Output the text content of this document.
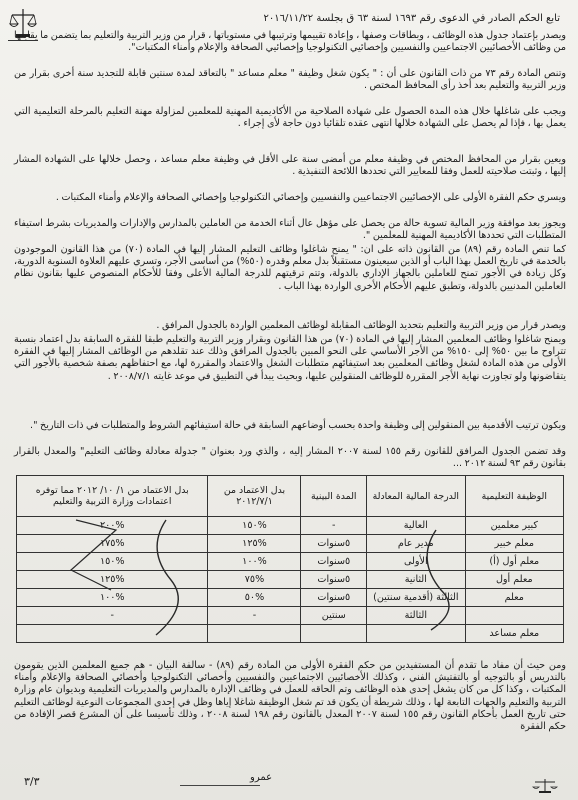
تابع الحكم الصادر في الدعوى رقم ١٦٩٣ لسنة ٦٣ ق بجلسة ٢٠١٦/١١/٢٢
ويصدر بإعتماد جدول هذه الوظائف ، وبطاقات وصفها ، وإعادة تقييمها وترتيبها في مستوياتها ، قرار من وزير التربية والتعليم بما يتضمن ما يقابلها من وظائف الأخصائيين الاجتماعيين والنفسيين وإخصائيي التكنولوجيا وإخصائيي الصحافة والإعلام وأمناء المكتبات".
وتنص المادة رقم ٧٣ من ذات القانون على أن : " يكون شغل وظيفة " معلم مساعد " بالتعاقد لمدة سنتين قابلة للتجديد سنة أخرى بقرار من وزير التربية والتعليم بعد أخذ رأى المحافظ المختص .
ويجب على شاغلها خلال هذه المدة الحصول على شهادة الصلاحية من الأكاديمية المهنية للمعلمين لمزاولة مهنة التعليم بالمرحلة التعليمية التي يعمل بها ، فإذا لم يحصل على الشهادة خلالها انتهى عقده تلقائيا دون حاجة لأى إجراء .
ويعين بقرار من المحافظ المختص في وظيفة معلم من أمضى سنة على الأقل في وظيفة معلم مساعد ، وحصل خلالها على الشهادة المشار إليها ، وثبتت صلاحيته للعمل وفقا للمعايير التي تحددها اللائحة التنفيذية .
ويسري حكم الفقرة الأولى على الإخصائيين الاجتماعيين والنفسيين وإخصائي التكنولوجيا وإخصائي الصحافة والإعلام وأمناء المكتبات .
ويجوز بعد موافقة وزير المالية تسوية حالة من يحصل على مؤهل عال أثناء الخدمة من العاملين بالمدارس والإدارات والمديريات بشرط استيفاء المتطلبات التي تحددها الأكاديمية المهنية للمعلمين ".
كما تنص المادة رقم (٨٩) من القانون ذاته على ان: " يمنح شاغلوا وظائف التعليم المشار إليها في المادة (٧٠) من هذا القانون الموجودون بالخدمة في تاريخ العمل بهذا الباب أو الذين سيعينون مستقبلاً بدل معلم وقدره (٥٠%) من أساسى الأجر، وتسري عليهم العلاوة السنوية الدورية، وكل زيادة في الأجور تمنح للعاملين بالجهاز الإداري بالدولة، وتتم ترقيتهم للدرجة المالية الأعلى وفقا للأحكام المنصوص عليها بقانون نظام العاملين المدنيين بالدولة، وتطبق عليهم الأحكام الأخرى الواردة بهذا الباب .
ويصدر قرار من وزير التربية والتعليم بتحديد الوظائف المقابلة لوظائف المعلمين الواردة بالجدول المرافق .
ويمنح شاغلوا وظائف المعلمين المشار إليها في المادة (٧٠) من هذا القانون وبقرار وزير التربية والتعليم طبقا للفقرة السابقة بدل اعتماد بنسبة تتراوح ما بين ٥٠% إلى ١٥٠% من الأجر الأساسي على النحو المبين بالجدول المرافق وذلك عند تقلدهم من الوظائف المشار إليها في الفقرة الأولى من هذه المادة لشغل وظائف المعلمين بعد استيفائهم متطلبات الشغل والاعتماد والمقررة لها، مع احتفاظهم بصفة شخصية بالأجور التي يتقاضونها ولو تجاوزت نهاية الأجر المقررة للوظائف المنقولين عليها، وبحيث يبدأ في التطبيق في موعد غايته ٢٠٠٨/٧/١ .
ويكون ترتيب الأقدمية بين المنقولين إلى وظيفة واحدة بحسب أوضاعهم السابقة في حالة استيفائهم الشروط والمتطلبات في ذات التاريخ ".
وقد تضمن الجدول المرافق للقانون رقم ١٥٥ لسنة ٢٠٠٧ المشار إليه ، والذي ورد بعنوان " جدولة معادلة وظائف التعليم" والمعدل بالقرار بقانون رقم ٩٣ لسنة ٢٠١٢ ...
الوظيفة التعليمية	الدرجة المالية المعادلة	المدة البينية	بدل الاعتماد من ٢٠١٢/٧/١	بدل الاعتماد من ١/ ١٠/ ٢٠١٢ مما توفره اعتمادات وزارة التربية والتعليم
كبير معلمين	العالية	-	%١٥٠	%٢٠٠
معلم خبير	مدير عام	٥سنوات	%١٢٥	%١٧٥
معلم أول (أ)	الأولى	٥سنوات	%١٠٠	%١٥٠
معلم أول	الثانية	٥سنوات	%٧٥	%١٢٥
معلم	الثالثة (أقدمية سنتين)	٥سنوات	%٥٠	%١٠٠
	الثالثة	سنتين	-	-
معلم مساعد				
ومن حيث أن مفاد ما تقدم أن المستفيدين من حكم الفقرة الأولى من المادة رقم (٨٩) - سالفة البيان - هم جميع المعلمين الذين يقومون بالتدريس أو بالتوجيه أو بالتفتيش الفني ، وكذلك الأخصائيين الاجتماعيين والنفسيين وأخصائي التكنولوجيا وأخصائي الصحافة والإعلام وأمناء المكتبات ، وكذا كل من كان يشغل إحدى هذه الوظائف وتم الحاقه للعمل في وظائف الإدارة بالمدارس والمديريات التعليمية وبديوان عام وزارة التربية والتعليم والجهات التابعة لها ، وذلك شريطة أن يكون قد تم شغل الوظيفة شاغلا إياها وظل في إحدى المجموعات النوعية لوظائف التعليم حتى تاريخ العمل بأحكام القانون رقم ١٥٥ لسنة ٢٠٠٧ المعدل بالقانون رقم ١٩٨ لسنة ٢٠٠٨ ، وذلك تأسيسا على أن المشرع قصر الإفادة من حكم الفقرة
٣/٣	عمرو
